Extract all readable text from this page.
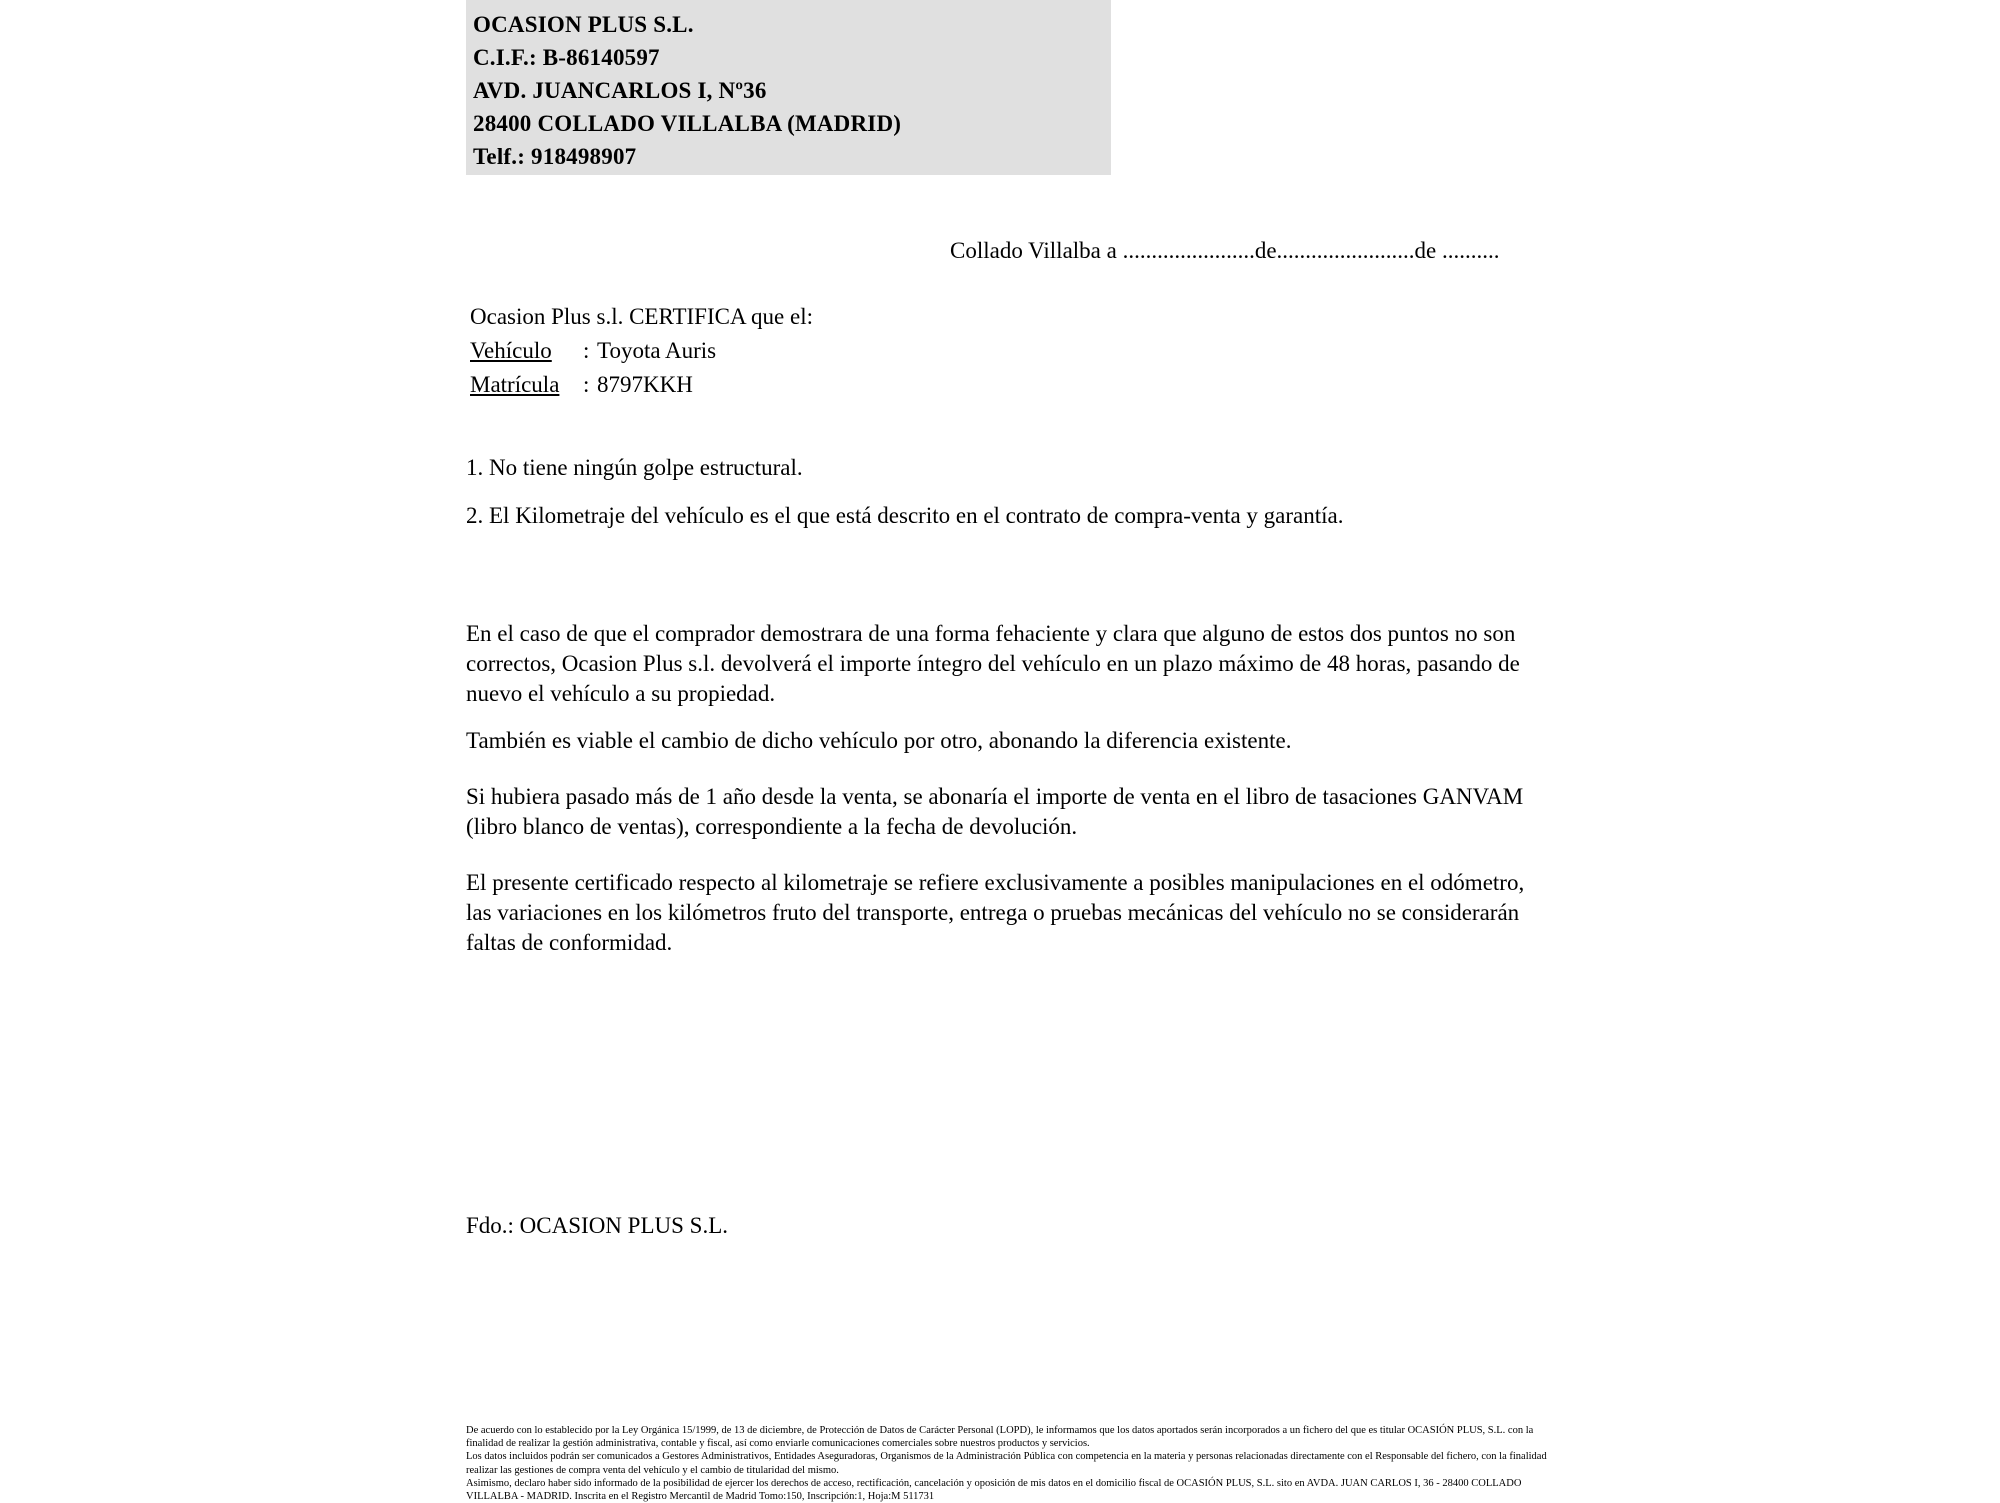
OCASION PLUS S.L.
C.I.F.: B-86140597
AVD. JUANCARLOS I, Nº36
28400 COLLADO VILLALBA (MADRID)
Telf.: 918498907
Collado Villalba a .......................de........................de ..........
Ocasion Plus s.l. CERTIFICA que el:
Vehículo : Toyota Auris
Matrícula : 8797KKH
1. No tiene ningún golpe estructural.
2. El Kilometraje del vehículo es el que está descrito en el contrato de compra-venta y garantía.
En el caso de que el comprador demostrara de una forma fehaciente y clara que alguno de estos dos puntos no son correctos, Ocasion Plus s.l. devolverá el importe íntegro del vehículo en un plazo máximo de 48 horas, pasando de nuevo el vehículo a su propiedad.
También es viable el cambio de dicho vehículo por otro, abonando la diferencia existente.
Si hubiera pasado más de 1 año desde la venta, se abonaría el importe de venta en el libro de tasaciones GANVAM (libro blanco de ventas), correspondiente a la fecha de devolución.
El presente certificado respecto al kilometraje se refiere exclusivamente a posibles manipulaciones en el odómetro, las variaciones en los kilómetros fruto del transporte, entrega o pruebas mecánicas del vehículo no se considerarán faltas de conformidad.
Fdo.: OCASION PLUS S.L.

De acuerdo con lo establecido por la Ley Orgánica 15/1999, de 13 de diciembre, de Protección de Datos de Carácter Personal (LOPD), le informamos que los datos aportados serán incorporados a un fichero del que es titular OCASIÓN PLUS, S.L. con la finalidad de realizar la gestión administrativa, contable y fiscal, así como enviarle comunicaciones comerciales sobre nuestros productos y servicios.

Los datos incluidos podrán ser comunicados a Gestores Administrativos, Entidades Aseguradoras, Organismos de la Administración Pública con competencia en la materia y personas relacionadas directamente con el Responsable del fichero, con la finalidad realizar las gestiones de compra venta del vehículo y el cambio de titularidad del mismo.

Asimismo, declaro haber sido informado de la posibilidad de ejercer los derechos de acceso, rectificación, cancelación y oposición de mis datos en el domicilio fiscal de OCASIÓN PLUS, S.L. sito en AVDA. JUAN CARLOS I, 36 - 28400 COLLADO VILLALBA - MADRID. Inscrita en el Registro Mercantil de Madrid Tomo:150, Inscripción:1, Hoja:M 511731
